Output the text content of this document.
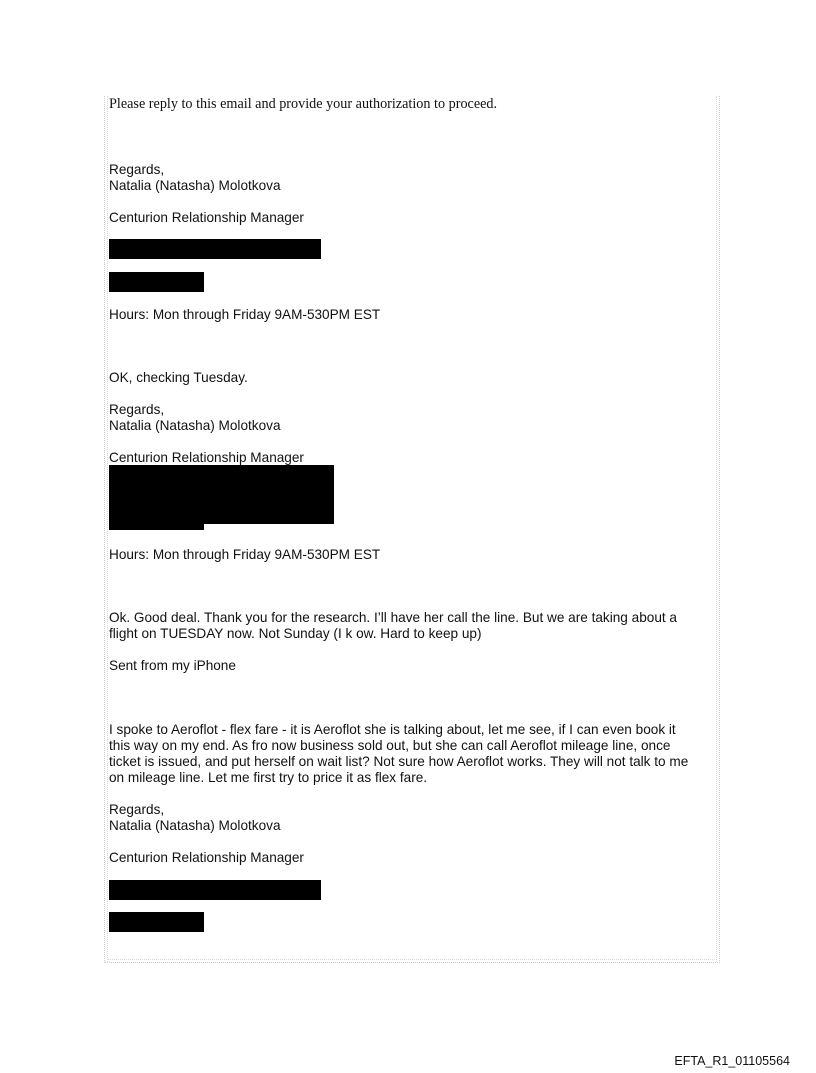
Please reply to this email and provide your authorization to proceed.

Regards,

Natalia (Natasha) Molotkova

Centurion Relationship Manager

Hours: Mon through Friday 9AM-530PM EST

OK, checking Tuesday.

Regards,

Natalia (Natasha) Molotkova

Centurion Relationship Manager

Hours: Mon through Friday 9AM-530PM EST

Ok. Good deal. Thank you for the research. I’ll have her call the line. But we are taking about a

flight on TUESDAY now. Not Sunday (I k ow. Hard to keep up)

Sent from my iPhone

I spoke to Aeroflot - flex fare - it is Aeroflot she is talking about, let me see, if I can even book it

this way on my end. As fro now business sold out, but she can call Aeroflot mileage line, once

ticket is issued, and put herself on wait list? Not sure how Aeroflot works. They will not talk to me

on mileage line. Let me first try to price it as flex fare.

Regards,

Natalia (Natasha) Molotkova

Centurion Relationship Manager

EFTA_R1_01105564
